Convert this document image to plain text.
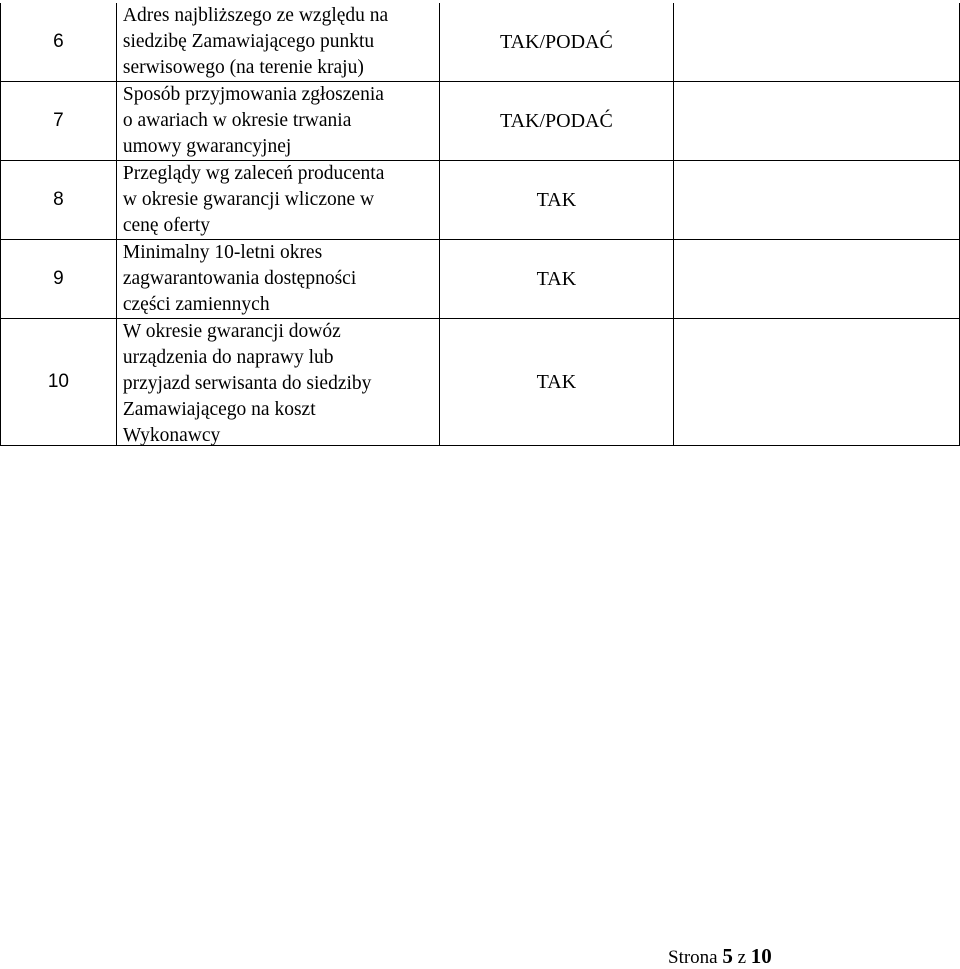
6
Adres najbliższego ze względu na
siedzibę Zamawiającego punktu
serwisowego (na terenie kraju)
TAK/PODAĆ
7
Sposób przyjmowania zgłoszenia
o awariach w okresie trwania
umowy gwarancyjnej
TAK/PODAĆ
8
Przeglądy wg zaleceń producenta
w okresie gwarancji wliczone w
cenę oferty
TAK
9
Minimalny 10-letni okres
zagwarantowania dostępności
części zamiennych
TAK
10
W okresie gwarancji dowóz
urządzenia do naprawy lub
przyjazd serwisanta do siedziby
Zamawiającego na koszt
Wykonawcy
TAK
Strona 5 z 10
